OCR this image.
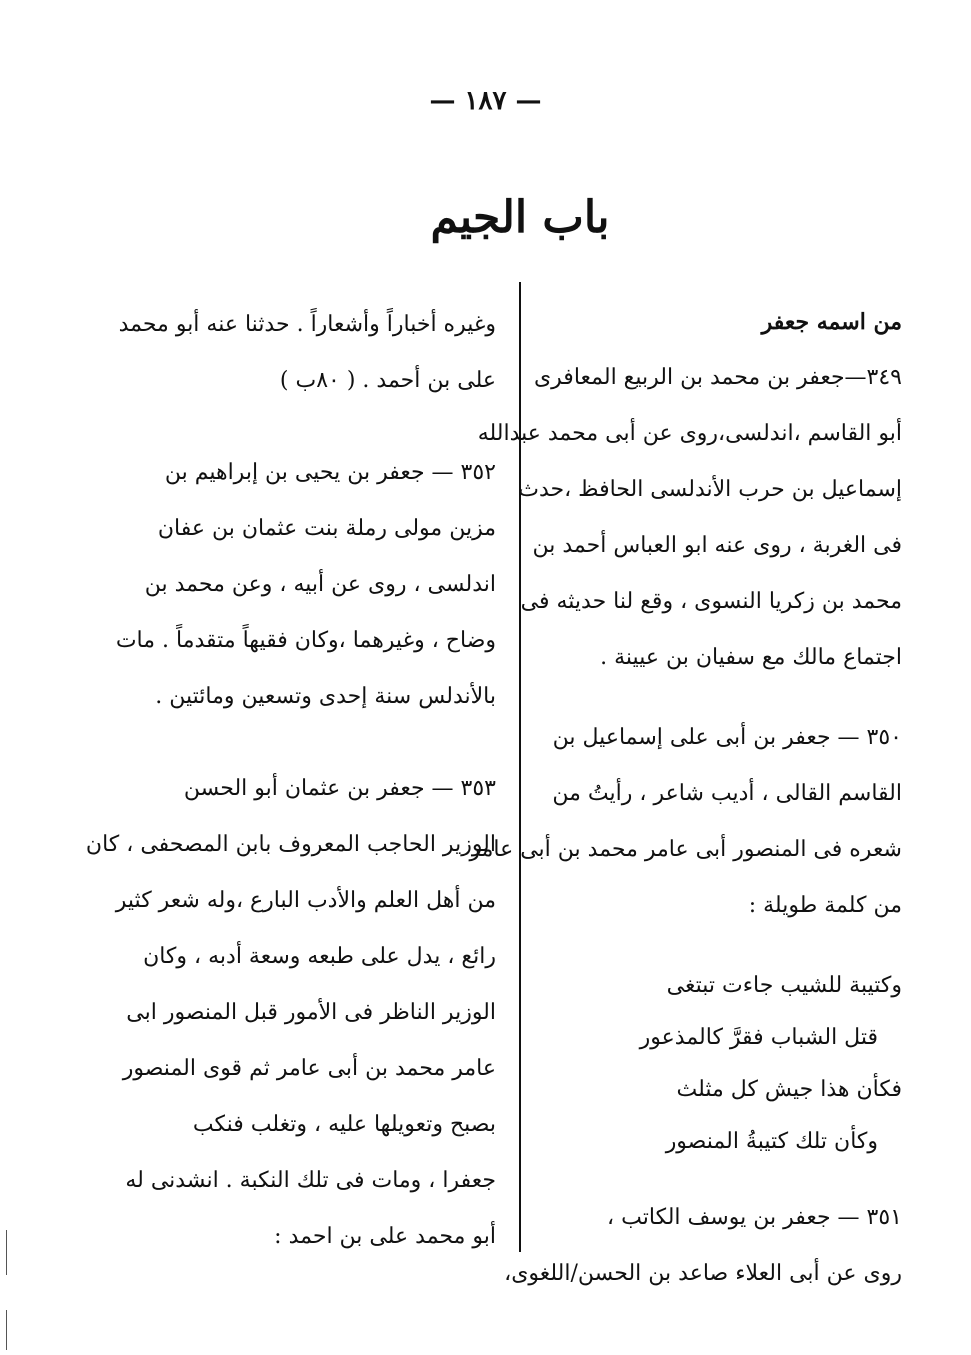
— ١٨٧ —
باب الجيم
من اسمه جعفر
٣٤٩—جعفر بن محمد بن الربيع المعافرى
أبو القاسم ،اندلسى،روى عن أبى محمد عبدالله
إسماعيل بن حرب الأندلسى الحافظ ،حدث
فى الغربة ، روى عنه ابو العباس أحمد بن
محمد بن زكريا النسوى ، وقع لنا حديثه فى
اجتماع مالك مع سفيان بن عيينة .
٣٥٠ — جعفر بن أبى على إسماعيل بن
القاسم القالى ، أديب شاعر ، رأيتُ من
شعره فى المنصور أبى عامر محمد بن أبى عامر
من كلمة طويلة :
وكتيبة للشيب جاءت تبتغى
قتل الشباب فقرَّ كالمذعور
فكأن هذا جيش كل مثلث
وكأن تلك كتيبةُ المنصور
٣٥١ — جعفر بن يوسف الكاتب ،
روى عن أبى العلاء صاعد بن الحسن/اللغوى،
وغيره أخباراً وأشعاراً . حدثنا عنه أبو محمد
على بن أحمد . ( ٨٠ب )
٣٥٢ — جعفر بن يحيى بن إبراهيم بن
مزين مولى رملة بنت عثمان بن عفان
اندلسى ، روى عن أبيه ، وعن محمد بن
وضاح ، وغيرهما ،وكان فقيهاً متقدماً . مات
بالأندلس سنة إحدى وتسعين ومائتين .
٣٥٣ — جعفر بن عثمان أبو الحسن
الوزير الحاجب المعروف بابن المصحفى ، كان
من أهل العلم والأدب البارع ،وله شعر كثير
رائع ، يدل على طبعه وسعة أدبه ، وكان
الوزير الناظر فى الأمور قبل المنصور ابى
عامر محمد بن أبى عامر ثم قوى المنصور
بصبح وتعويلها عليه ، وتغلب فنكب
جعفرا ، ومات فى تلك النكبة . انشدنى له
أبو محمد على بن احمد :
